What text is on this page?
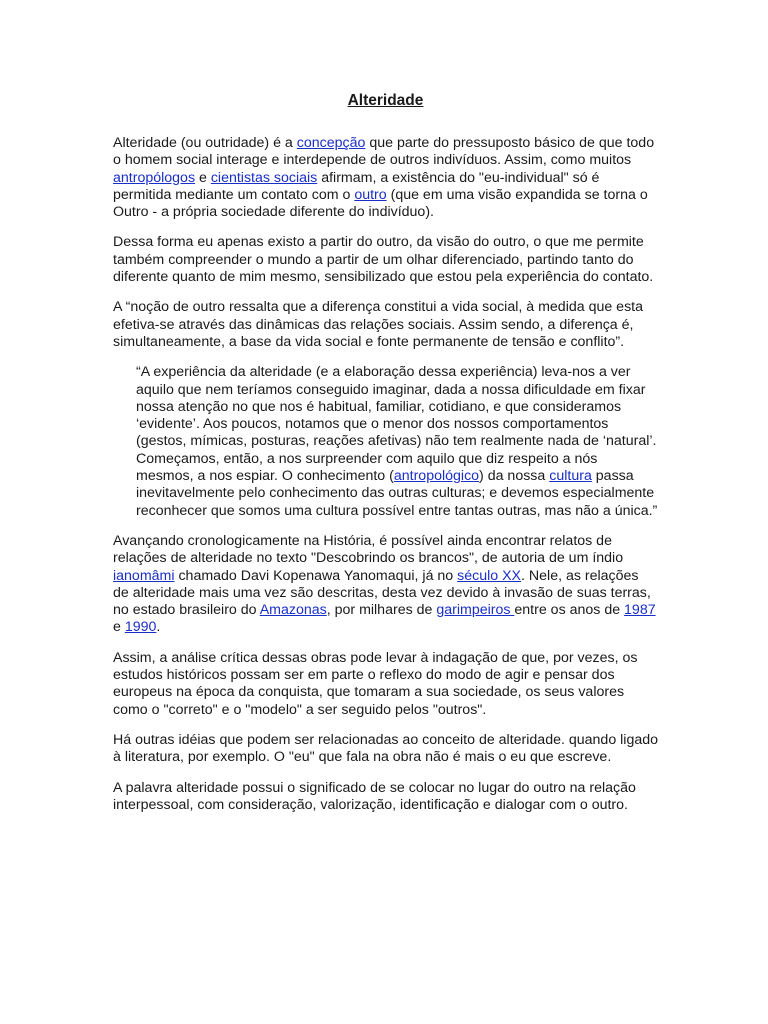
Alteridade

Alteridade (ou outridade) é a concepção que parte do pressuposto básico de que todo o homem social interage e interdepende de outros indivíduos. Assim, como muitos antropólogos e cientistas sociais afirmam, a existência do "eu-individual" só é permitida mediante um contato com o outro (que em uma visão expandida se torna o Outro - a própria sociedade diferente do indivíduo).

Dessa forma eu apenas existo a partir do outro, da visão do outro, o que me permite também compreender o mundo a partir de um olhar diferenciado, partindo tanto do diferente quanto de mim mesmo, sensibilizado que estou pela experiência do contato.

A “noção de outro ressalta que a diferença constitui a vida social, à medida que esta efetiva-se através das dinâmicas das relações sociais. Assim sendo, a diferença é, simultaneamente, a base da vida social e fonte permanente de tensão e conflito”.

“A experiência da alteridade (e a elaboração dessa experiência) leva-nos a ver aquilo que nem teríamos conseguido imaginar, dada a nossa dificuldade em fixar nossa atenção no que nos é habitual, familiar, cotidiano, e que consideramos ‘evidente’. Aos poucos, notamos que o menor dos nossos comportamentos (gestos, mímicas, posturas, reações afetivas) não tem realmente nada de ‘natural’. Começamos, então, a nos surpreender com aquilo que diz respeito a nós mesmos, a nos espiar. O conhecimento (antropológico) da nossa cultura passa inevitavelmente pelo conhecimento das outras culturas; e devemos especialmente reconhecer que somos uma cultura possível entre tantas outras, mas não a única.”

Avançando cronologicamente na História, é possível ainda encontrar relatos de relações de alteridade no texto "Descobrindo os brancos", de autoria de um índio ianomâmi chamado Davi Kopenawa Yanomaqui, já no século XX. Nele, as relações de alteridade mais uma vez são descritas, desta vez devido à invasão de suas terras, no estado brasileiro do Amazonas, por milhares de garimpeiros entre os anos de 1987 e 1990.

Assim, a análise crítica dessas obras pode levar à indagação de que, por vezes, os estudos históricos possam ser em parte o reflexo do modo de agir e pensar dos europeus na época da conquista, que tomaram a sua sociedade, os seus valores como o "correto" e o "modelo" a ser seguido pelos "outros".

Há outras idéias que podem ser relacionadas ao conceito de alteridade. quando ligado à literatura, por exemplo. O "eu" que fala na obra não é mais o eu que escreve.

A palavra alteridade possui o significado de se colocar no lugar do outro na relação interpessoal, com consideração, valorização, identificação e dialogar com o outro.
